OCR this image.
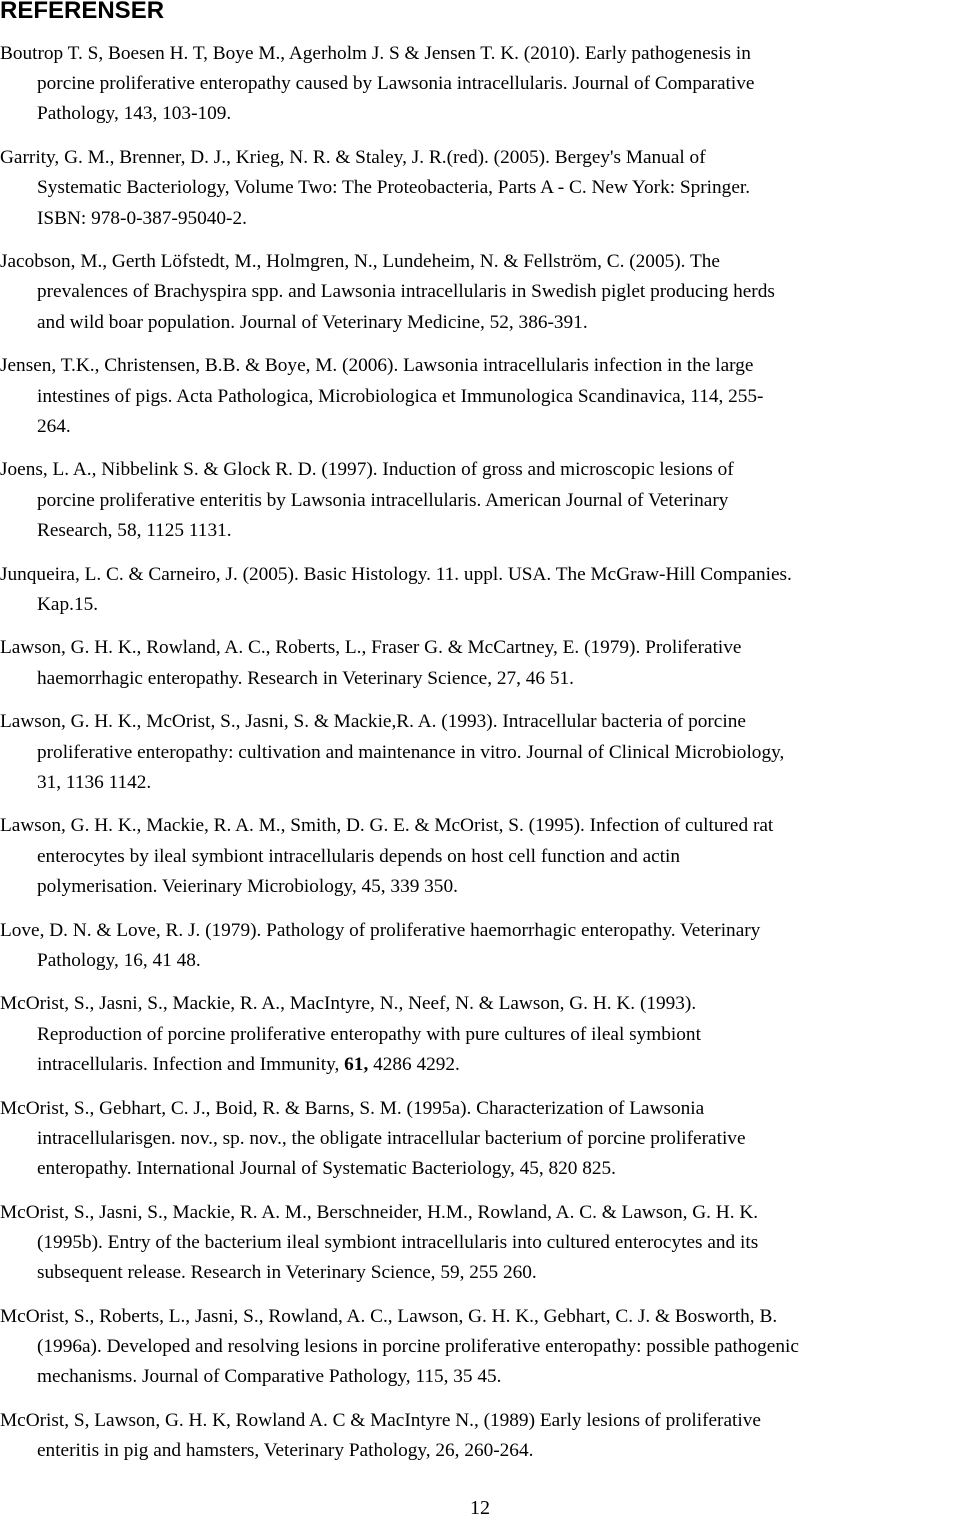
REFERENSER
Boutrop T. S, Boesen H. T, Boye M., Agerholm J. S & Jensen T. K. (2010). Early pathogenesis in
porcine proliferative enteropathy caused by Lawsonia intracellularis. Journal of Comparative
Pathology, 143, 103-109.
Garrity, G. M., Brenner, D. J., Krieg, N. R. & Staley, J. R.(red). (2005). Bergey's Manual of
Systematic Bacteriology, Volume Two: The Proteobacteria, Parts A - C. New York: Springer.
ISBN: 978-0-387-95040-2.
Jacobson, M., Gerth Löfstedt, M., Holmgren, N., Lundeheim, N. & Fellström, C. (2005). The
prevalences of Brachyspira spp. and Lawsonia intracellularis in Swedish piglet producing herds
and wild boar population. Journal of Veterinary Medicine, 52, 386-391.
Jensen, T.K., Christensen, B.B. & Boye, M. (2006). Lawsonia intracellularis infection in the large
intestines of pigs. Acta Pathologica, Microbiologica et Immunologica Scandinavica, 114, 255-
264.
Joens, L. A., Nibbelink S. & Glock R. D. (1997). Induction of gross and microscopic lesions of
porcine proliferative enteritis by Lawsonia intracellularis. American Journal of Veterinary
Research, 58, 1125 1131.
Junqueira, L. C. & Carneiro, J. (2005). Basic Histology. 11. uppl. USA. The McGraw-Hill Companies.
Kap.15.
Lawson, G. H. K., Rowland, A. C., Roberts, L., Fraser G. & McCartney, E. (1979). Proliferative
haemorrhagic enteropathy. Research in Veterinary Science, 27, 46 51.
Lawson, G. H. K., McOrist, S., Jasni, S. & Mackie,R. A. (1993). Intracellular bacteria of porcine
proliferative enteropathy: cultivation and maintenance in vitro. Journal of Clinical Microbiology,
31, 1136 1142.
Lawson, G. H. K., Mackie, R. A. M., Smith, D. G. E. & McOrist, S. (1995). Infection of cultured rat
enterocytes by ileal symbiont intracellularis depends on host cell function and actin
polymerisation. Veierinary Microbiology, 45, 339 350.
Love, D. N. & Love, R. J. (1979). Pathology of proliferative haemorrhagic enteropathy. Veterinary
Pathology, 16, 41 48.
McOrist, S., Jasni, S., Mackie, R. A., MacIntyre, N., Neef, N. & Lawson, G. H. K. (1993).
Reproduction of porcine proliferative enteropathy with pure cultures of ileal symbiont
intracellularis. Infection and Immunity, 61, 4286 4292.
McOrist, S., Gebhart, C. J., Boid, R. & Barns, S. M. (1995a). Characterization of Lawsonia
intracellularisgen. nov., sp. nov., the obligate intracellular bacterium of porcine proliferative
enteropathy. International Journal of Systematic Bacteriology, 45, 820 825.
McOrist, S., Jasni, S., Mackie, R. A. M., Berschneider, H.M., Rowland, A. C. & Lawson, G. H. K.
(1995b). Entry of the bacterium ileal symbiont intracellularis into cultured enterocytes and its
subsequent release. Research in Veterinary Science, 59, 255 260.
McOrist, S., Roberts, L., Jasni, S., Rowland, A. C., Lawson, G. H. K., Gebhart, C. J. & Bosworth, B.
(1996a). Developed and resolving lesions in porcine proliferative enteropathy: possible pathogenic
mechanisms. Journal of Comparative Pathology, 115, 35 45.
McOrist, S, Lawson, G. H. K, Rowland A. C & MacIntyre N., (1989) Early lesions of proliferative
enteritis in pig and hamsters, Veterinary Pathology, 26, 260-264.
12
